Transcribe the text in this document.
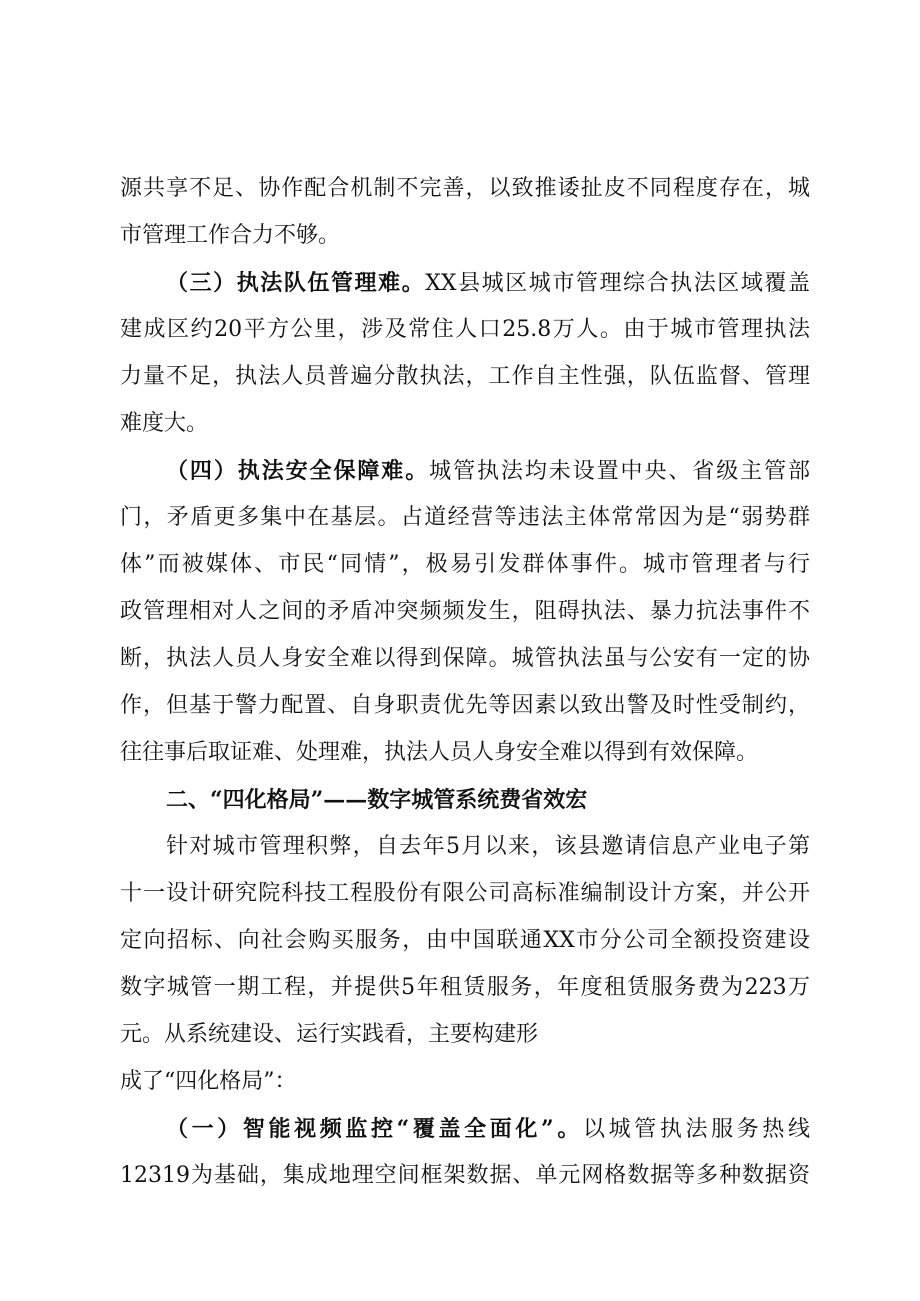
源共享不足、协作配合机制不完善，以致推诿扯皮不同程度存在，城
市管理工作合力不够。
（三）执法队伍管理难。XX县城区城市管理综合执法区域覆盖
建成区约20平方公里，涉及常住人口25.8万人。由于城市管理执法
力量不足，执法人员普遍分散执法，工作自主性强，队伍监督、管理
难度大。
（四）执法安全保障难。城管执法均未设置中央、省级主管部
门，矛盾更多集中在基层。占道经营等违法主体常常因为是“弱势群
体”而被媒体、市民“同情”，极易引发群体事件。城市管理者与行
政管理相对人之间的矛盾冲突频频发生，阻碍执法、暴力抗法事件不
断，执法人员人身安全难以得到保障。城管执法虽与公安有一定的协
作，但基于警力配置、自身职责优先等因素以致出警及时性受制约，
往往事后取证难、处理难，执法人员人身安全难以得到有效保障。
二、“四化格局”——数字城管系统费省效宏
针对城市管理积弊，自去年5月以来，该县邀请信息产业电子第
十一设计研究院科技工程股份有限公司高标准编制设计方案，并公开
定向招标、向社会购买服务，由中国联通XX市分公司全额投资建设
数字城管一期工程，并提供5年租赁服务，年度租赁服务费为223万
元。从系统建设、运行实践看，主要构建形
成了“四化格局”：
（一）智能视频监控“覆盖全面化”。以城管执法服务热线
12319为基础，集成地理空间框架数据、单元网格数据等多种数据资
